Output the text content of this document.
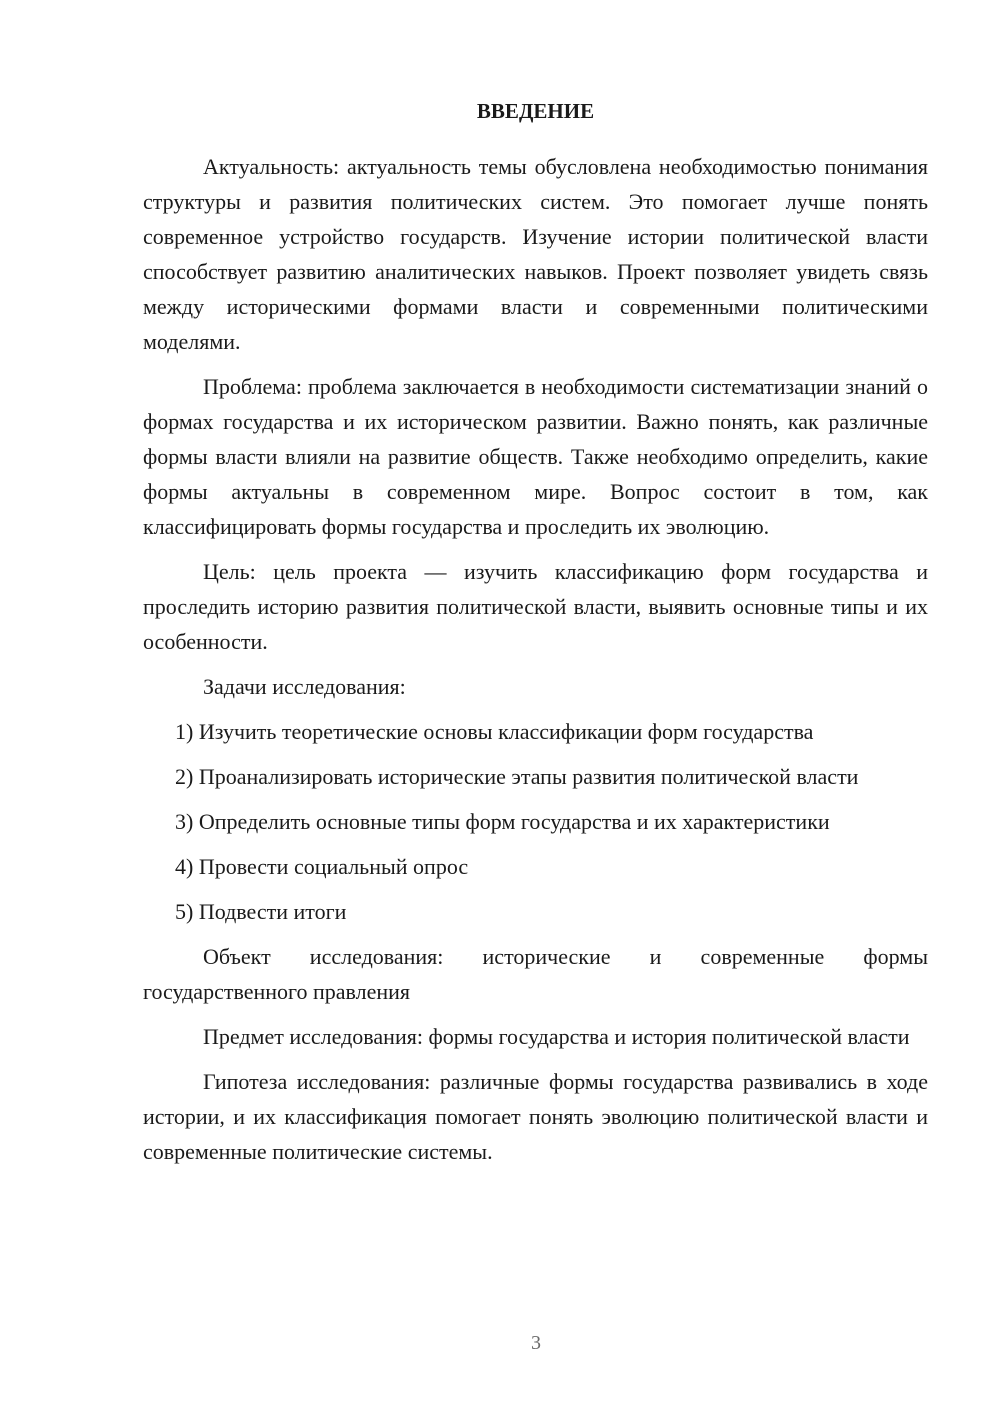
ВВЕДЕНИЕ

Актуальность: актуальность темы обусловлена необходимостью понимания структуры и развития политических систем. Это помогает лучше понять современное устройство государств. Изучение истории политической власти способствует развитию аналитических навыков. Проект позволяет увидеть связь между историческими формами власти и современными политическими моделями.

Проблема: проблема заключается в необходимости систематизации знаний о формах государства и их историческом развитии. Важно понять, как различные формы власти влияли на развитие обществ. Также необходимо определить, какие формы актуальны в современном мире. Вопрос состоит в том, как классифицировать формы государства и проследить их эволюцию.

Цель: цель проекта — изучить классификацию форм государства и проследить историю развития политической власти, выявить основные типы и их особенности.

Задачи исследования:

1) Изучить теоретические основы классификации форм государства

2) Проанализировать исторические этапы развития политической власти

3) Определить основные типы форм государства и их характеристики

4) Провести социальный опрос

5) Подвести итоги

Объект исследования: исторические и современные формы государственного правления

Предмет исследования: формы государства и история политической власти

Гипотеза исследования: различные формы государства развивались в ходе истории, и их классификация помогает понять эволюцию политической власти и современные политические системы.

3
